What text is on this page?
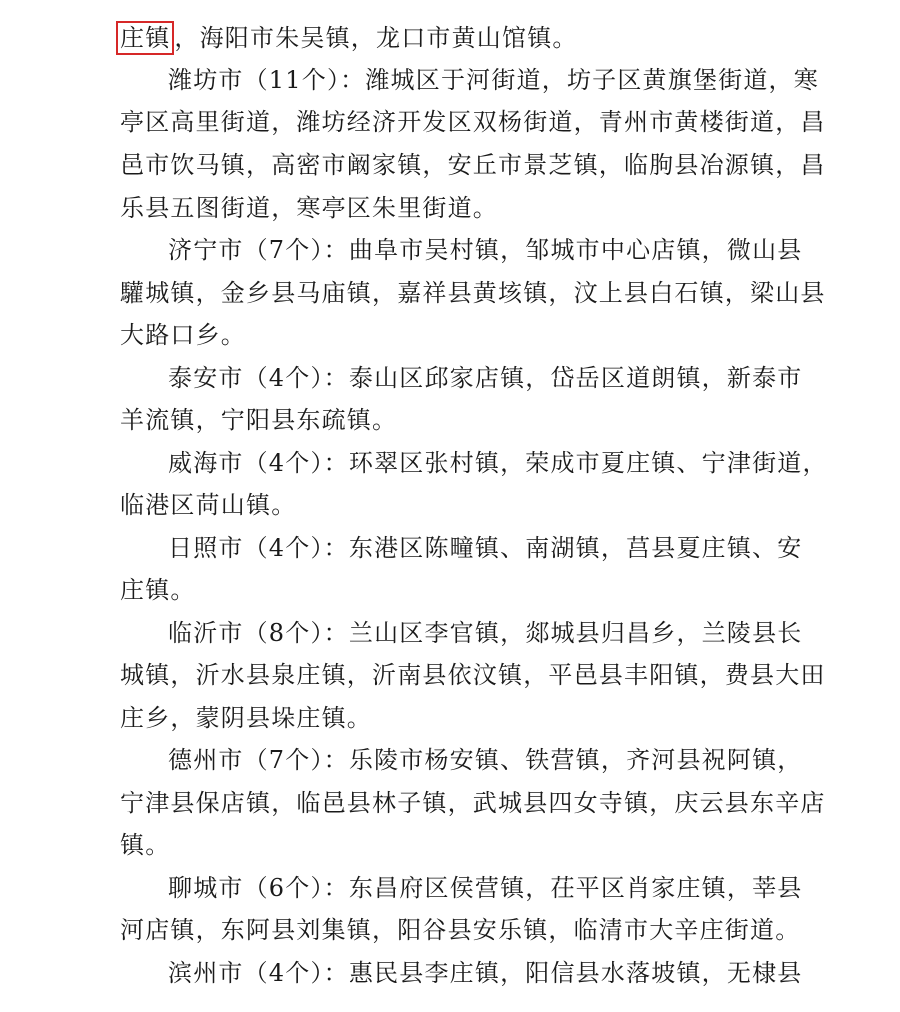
庄镇 ，海阳市朱吴镇，龙口市黄山馆镇。
潍坊市（11个）：潍城区于河街道，坊子区黄旗堡街道，寒
亭区高里街道，潍坊经济开发区双杨街道，青州市黄楼街道，昌
邑市饮马镇，高密市阚家镇，安丘市景芝镇，临朐县冶源镇，昌
乐县五图街道，寒亭区朱里街道。
济宁市（7个）：曲阜市吴村镇，邹城市中心店镇，微山县
驩城镇，金乡县马庙镇，嘉祥县黄垓镇，汶上县白石镇，梁山县
大路口乡。
泰安市（4个）：泰山区邱家店镇，岱岳区道朗镇，新泰市
羊流镇，宁阳县东疏镇。
威海市（4个）：环翠区张村镇，荣成市夏庄镇、宁津街道，
临港区苘山镇。
日照市（4个）：东港区陈疃镇、南湖镇，莒县夏庄镇、安
庄镇。
临沂市（8个）：兰山区李官镇，郯城县归昌乡，兰陵县长
城镇，沂水县泉庄镇，沂南县依汶镇，平邑县丰阳镇，费县大田
庄乡，蒙阴县垛庄镇。
德州市（7个）：乐陵市杨安镇、铁营镇，齐河县祝阿镇，
宁津县保店镇，临邑县林子镇，武城县四女寺镇，庆云县东辛店
镇。
聊城市（6个）：东昌府区侯营镇，茌平区肖家庄镇，莘县
河店镇，东阿县刘集镇，阳谷县安乐镇，临清市大辛庄街道。
滨州市（4个）：惠民县李庄镇，阳信县水落坡镇，无棣县
